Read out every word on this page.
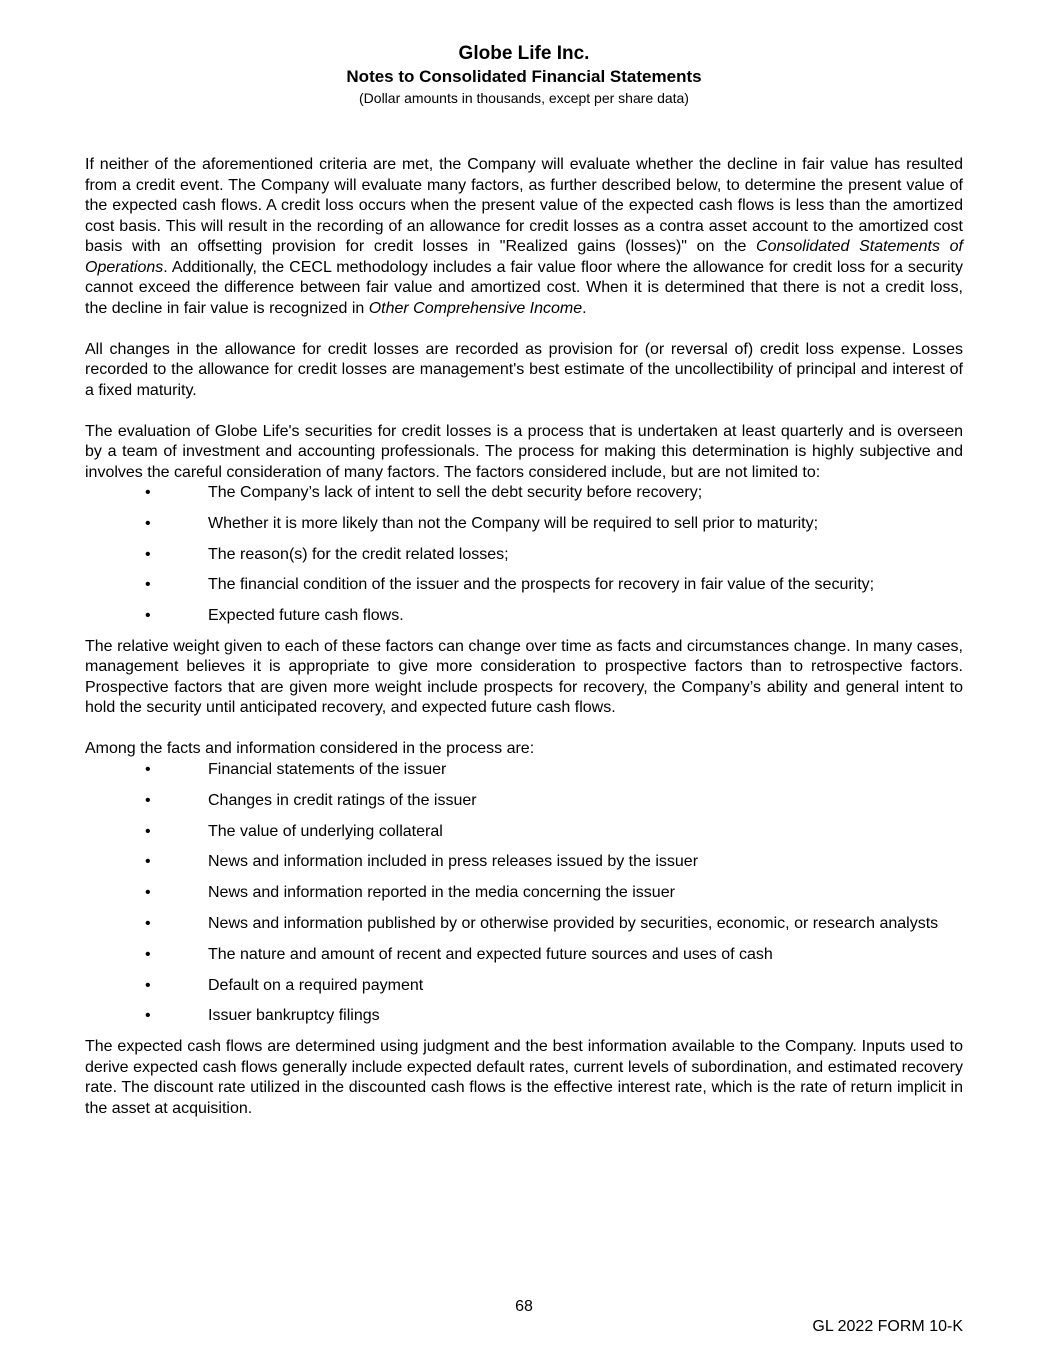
Globe Life Inc.
Notes to Consolidated Financial Statements
(Dollar amounts in thousands, except per share data)

If neither of the aforementioned criteria are met, the Company will evaluate whether the decline in fair value has resulted from a credit event. The Company will evaluate many factors, as further described below, to determine the present value of the expected cash flows. A credit loss occurs when the present value of the expected cash flows is less than the amortized cost basis. This will result in the recording of an allowance for credit losses as a contra asset account to the amortized cost basis with an offsetting provision for credit losses in "Realized gains (losses)" on the Consolidated Statements of Operations. Additionally, the CECL methodology includes a fair value floor where the allowance for credit loss for a security cannot exceed the difference between fair value and amortized cost. When it is determined that there is not a credit loss, the decline in fair value is recognized in Other Comprehensive Income.

All changes in the allowance for credit losses are recorded as provision for (or reversal of) credit loss expense. Losses recorded to the allowance for credit losses are management's best estimate of the uncollectibility of principal and interest of a fixed maturity.

The evaluation of Globe Life's securities for credit losses is a process that is undertaken at least quarterly and is overseen by a team of investment and accounting professionals. The process for making this determination is highly subjective and involves the careful consideration of many factors. The factors considered include, but are not limited to:

•	The Company’s lack of intent to sell the debt security before recovery;
•	Whether it is more likely than not the Company will be required to sell prior to maturity;
•	The reason(s) for the credit related losses;
•	The financial condition of the issuer and the prospects for recovery in fair value of the security;
•	Expected future cash flows.

The relative weight given to each of these factors can change over time as facts and circumstances change. In many cases, management believes it is appropriate to give more consideration to prospective factors than to retrospective factors. Prospective factors that are given more weight include prospects for recovery, the Company’s ability and general intent to hold the security until anticipated recovery, and expected future cash flows.

Among the facts and information considered in the process are:

•	Financial statements of the issuer
•	Changes in credit ratings of the issuer
•	The value of underlying collateral
•	News and information included in press releases issued by the issuer
•	News and information reported in the media concerning the issuer
•	News and information published by or otherwise provided by securities, economic, or research analysts
•	The nature and amount of recent and expected future sources and uses of cash
•	Default on a required payment
•	Issuer bankruptcy filings

The expected cash flows are determined using judgment and the best information available to the Company. Inputs used to derive expected cash flows generally include expected default rates, current levels of subordination, and estimated recovery rate. The discount rate utilized in the discounted cash flows is the effective interest rate, which is the rate of return implicit in the asset at acquisition.

68
GL 2022 FORM 10-K
